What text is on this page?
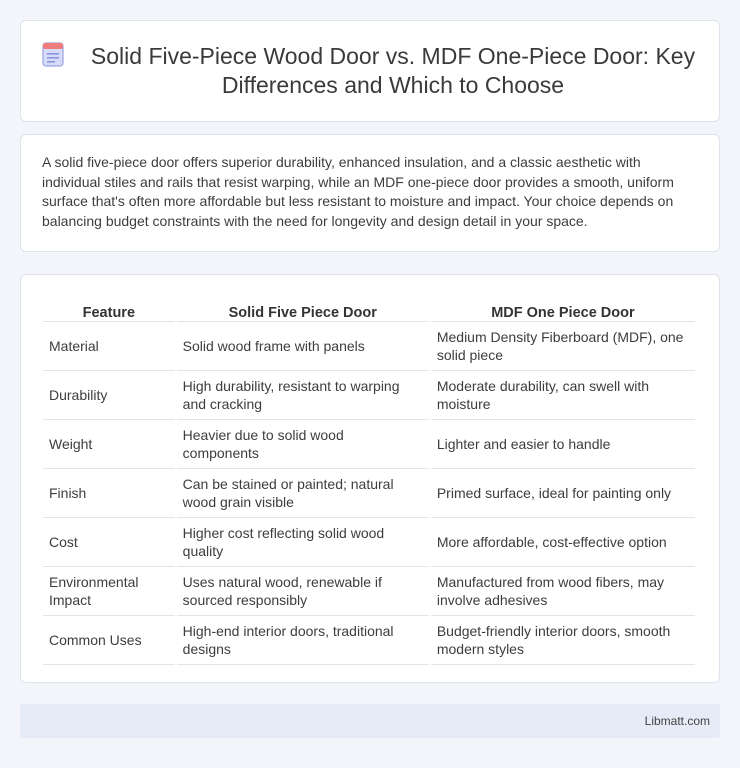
Solid Five-Piece Wood Door vs. MDF One-Piece Door: Key Differences and Which to Choose

A solid five-piece door offers superior durability, enhanced insulation, and a classic aesthetic with individual stiles and rails that resist warping, while an MDF one-piece door provides a smooth, uniform surface that's often more affordable but less resistant to moisture and impact. Your choice depends on balancing budget constraints with the need for longevity and design detail in your space.

Feature	Solid Five Piece Door	MDF One Piece Door
Material	Solid wood frame with panels	Medium Density Fiberboard (MDF), one solid piece
Durability	High durability, resistant to warping and cracking	Moderate durability, can swell with moisture
Weight	Heavier due to solid wood components	Lighter and easier to handle
Finish	Can be stained or painted; natural wood grain visible	Primed surface, ideal for painting only
Cost	Higher cost reflecting solid wood quality	More affordable, cost-effective option
Environmental Impact	Uses natural wood, renewable if sourced responsibly	Manufactured from wood fibers, may involve adhesives
Common Uses	High-end interior doors, traditional designs	Budget-friendly interior doors, smooth modern styles
Libmatt.com
